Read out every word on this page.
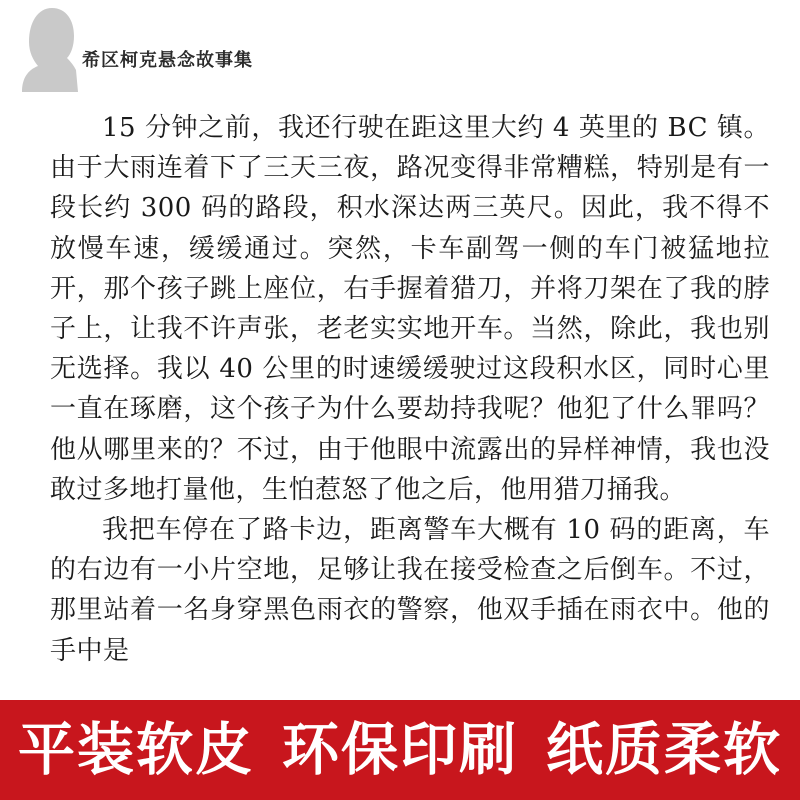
希区柯克悬念故事集

15 分钟之前，我还行驶在距这里大约 4 英里的 BC 镇。由于大雨连着下了三天三夜，路况变得非常糟糕，特别是有一段长约 300 码的路段，积水深达两三英尺。因此，我不得不放慢车速，缓缓通过。突然，卡车副驾一侧的车门被猛地拉开，那个孩子跳上座位，右手握着猎刀，并将刀架在了我的脖子上，让我不许声张，老老实实地开车。当然，除此，我也别无选择。我以 40 公里的时速缓缓驶过这段积水区，同时心里一直在琢磨，这个孩子为什么要劫持我呢？他犯了什么罪吗？他从哪里来的？不过，由于他眼中流露出的异样神情，我也没敢过多地打量他，生怕惹怒了他之后，他用猎刀捅我。

我把车停在了路卡边，距离警车大概有 10 码的距离，车的右边有一小片空地，足够让我在接受检查之后倒车。不过，那里站着一名身穿黑色雨衣的警察，他双手插在雨衣中。他的手中是

平装软皮 环保印刷 纸质柔软
